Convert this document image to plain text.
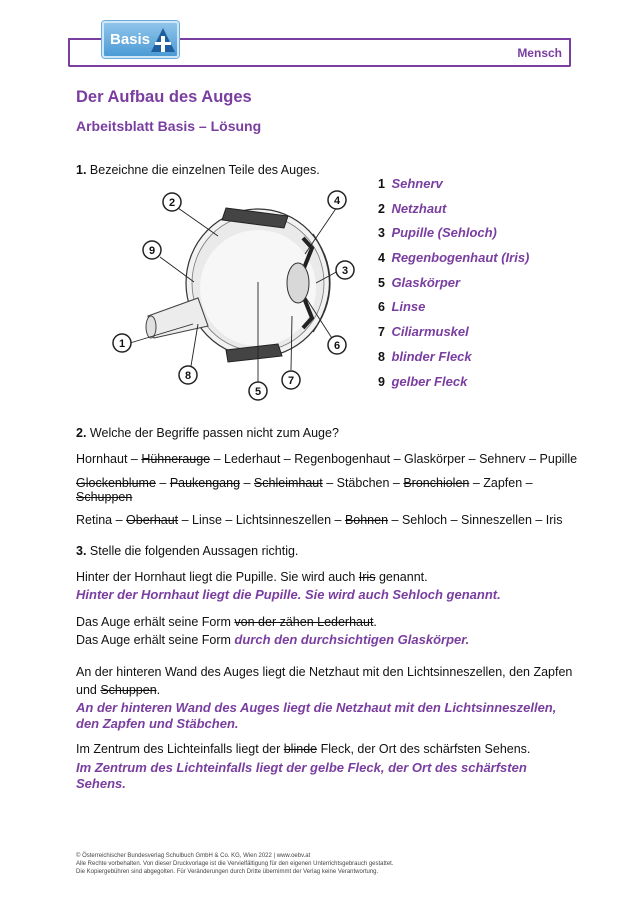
Basis
Mensch
Der Aufbau des Auges
Arbeitsblatt Basis – Lösung
1. Bezeichne die einzelnen Teile des Auges.
1
2
3
4
5
6
7
8
9
1 Sehnerv
2 Netzhaut
3 Pupille (Sehloch)
4 Regenbogenhaut (Iris)
5 Glaskörper
6 Linse
7 Ciliarmuskel
8 blinder Fleck
9 gelber Fleck
2. Welche der Begriffe passen nicht zum Auge?
Hornhaut – Hühnerauge – Lederhaut – Regenbogenhaut – Glaskörper – Sehnerv – Pupille
Glockenblume – Paukengang – Schleimhaut – Stäbchen – Bronchiolen – Zapfen –
Schuppen
Retina – Oberhaut – Linse – Lichtsinneszellen – Bohnen – Sehloch – Sinneszellen – Iris
3. Stelle die folgenden Aussagen richtig.
Hinter der Hornhaut liegt die Pupille. Sie wird auch Iris genannt.
Hinter der Hornhaut liegt die Pupille. Sie wird auch Sehloch genannt.
Das Auge erhält seine Form von der zähen Lederhaut.
Das Auge erhält seine Form durch den durchsichtigen Glaskörper.
An der hinteren Wand des Auges liegt die Netzhaut mit den Lichtsinneszellen, den Zapfen
und Schuppen.
An der hinteren Wand des Auges liegt die Netzhaut mit den Lichtsinneszellen, den Zapfen und Stäbchen.
Im Zentrum des Lichteinfalls liegt der blinde Fleck, der Ort des schärfsten Sehens.
Im Zentrum des Lichteinfalls liegt der gelbe Fleck, der Ort des schärfsten Sehens.
© Österreichischer Bundesverlag Schulbuch GmbH & Co. KG, Wien 2022 | www.oebv.at
Alle Rechte vorbehalten. Von dieser Druckvorlage ist die Vervielfältigung für den eigenen Unterrichtsgebrauch gestattet.
Die Kopiergebühren sind abgegolten. Für Veränderungen durch Dritte übernimmt der Verlag keine Verantwortung.
